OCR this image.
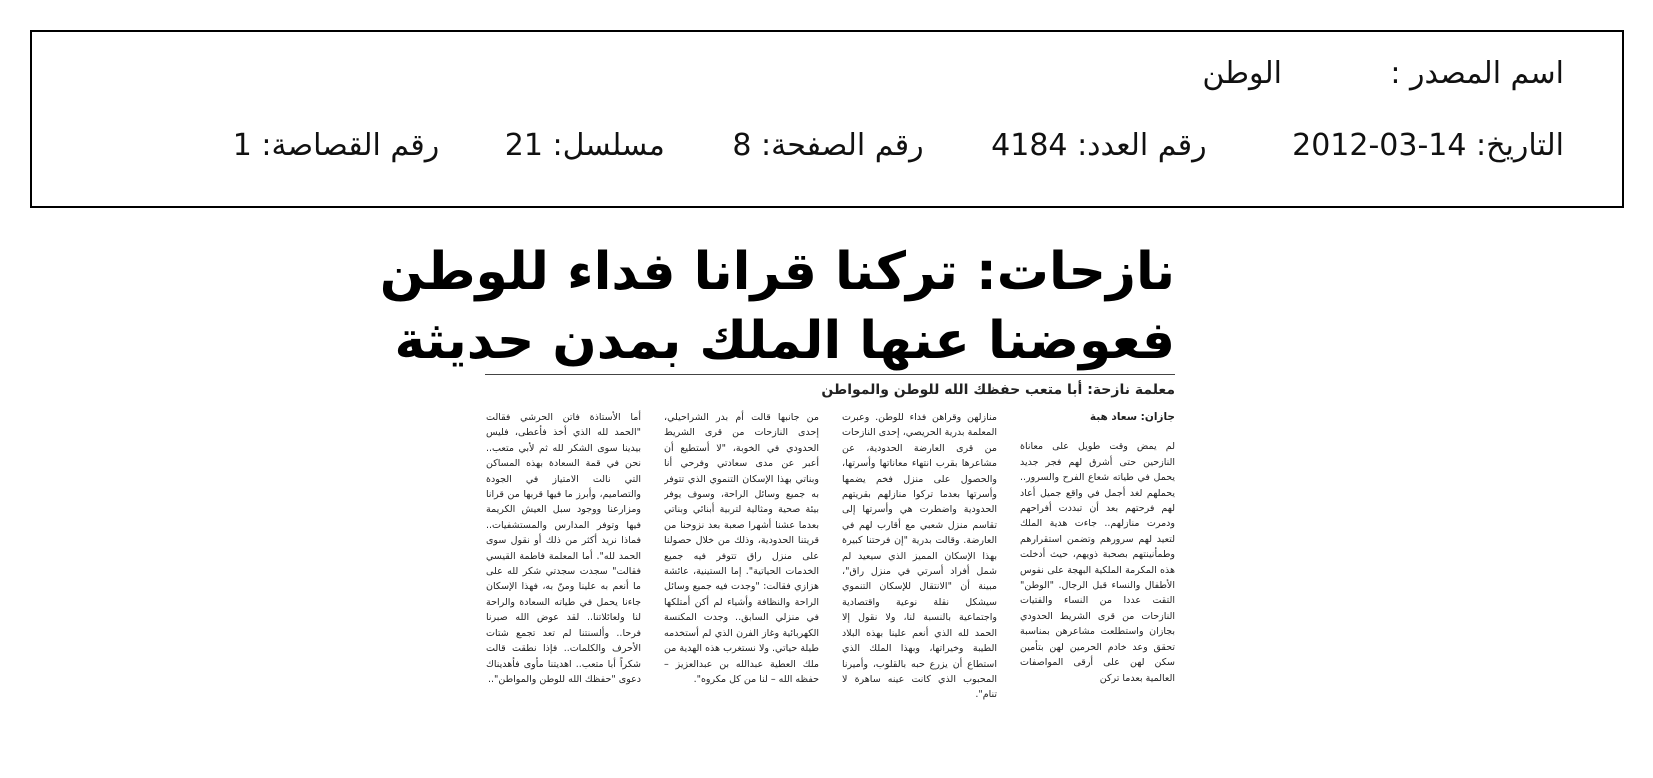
اسم المصدر :الوطن
التاريخ: 2012-03-14 رقم العدد: 4184 رقم الصفحة: 8 مسلسل: 21 رقم القصاصة: 1
نازحات: تركنا قرانا فداء للوطن
فعوضنا عنها الملك بمدن حديثة
معلمة نازحة: أبا متعب حفظك الله للوطن والمواطن
جازان: سعاد هبة
لم يمض وقت طويل على معاناة النازحين حتى أشرق لهم فجر جديد يحمل في طياته شعاع الفرح والسرور.. يحملهم لغد أجمل في واقع جميل أعاد لهم فرحتهم بعد أن تبددت أفراحهم ودمرت منازلهم.. جاءت هدية الملك لتعيد لهم سرورهم وتضمن استقرارهم وطمأنينتهم بصحبة ذويهم، حيث أدخلت هذه المكرمة الملكية البهجة على نفوس الأطفال والنساء قبل الرجال. "الوطن" التقت عددا من النساء والفتيات النازحات من قرى الشريط الحدودي بجازان واستطلعت مشاعرهن بمناسبة تحقق وعد خادم الحرمين لهن بتأمين سكن لهن على أرقى المواصفات العالمية بعدما تركن
منازلهن وقراهن فداء للوطن. وعبرت المعلمة بدرية الحريصي، إحدى النازحات من قرى العارضة الحدودية، عن مشاعرها بقرب انتهاء معاناتها وأسرتها، والحصول على منزل فخم يضمها وأسرتها بعدما تركوا منازلهم بقريتهم الحدودية واضطرت هي وأسرتها إلى تقاسم منزل شعبي مع أقارب لهم في العارضة. وقالت بدرية "إن فرحتنا كبيرة بهذا الإسكان المميز الذي سيعيد لم شمل أفراد أسرتي في منزل راق"، مبينة أن "الانتقال للإسكان التنموي سيشكل نقلة نوعية واقتصادية واجتماعية بالنسبة لنا، ولا نقول إلا الحمد لله الذي أنعم علينا بهذه البلاد الطيبة وخيراتها، وبهذا الملك الذي استطاع أن يزرع حبه بالقلوب، وأميرنا المحبوب الذي كانت عينه ساهرة لا تنام".
من جانبها قالت أم بدر الشراحيلي، إحدى النازحات من قرى الشريط الحدودي في الخوبة، "لا أستطيع أن أعبر عن مدى سعادتي وفرحي أنا وبناتي بهذا الإسكان التنموي الذي تتوفر به جميع وسائل الراحة، وسوف يوفر بيئة صحية ومثالية لتربية أبنائي وبناتي بعدما عشنا أشهرا صعبة بعد نزوحنا من قريتنا الحدودية، وذلك من خلال حصولنا على منزل راق تتوفر فيه جميع الخدمات الحياتية". إما الستينية، عائشة هزازي فقالت: "وجدت فيه جميع وسائل الراحة والنظافة وأشياء لم أكن أمتلكها في منزلي السابق.. وجدت المكنسة الكهربائية وغاز الفرن الذي لم أستخدمه طيلة حياتي. ولا نستغرب هذه الهدية من ملك العطية عبدالله بن عبدالعزيز – حفظه الله – لنا من كل مكروه".
أما الأستاذة فاتن الحرشي فقالت "الحمد لله الذي أخذ فأعطى، فليس بيدينا سوى الشكر لله ثم لأبي متعب.. نحن في قمة السعادة بهذه المساكن التي نالت الامتياز في الجودة والتصاميم، وأبرز ما فيها قربها من قرانا ومزارعنا ووجود سبل العيش الكريمة فيها وتوفر المدارس والمستشفيات.. فماذا نريد أكثر من ذلك أو نقول سوى الحمد لله". أما المعلمة فاطمة القيسي فقالت" سجدت سجدتي شكر لله على ما أنعم به علينا ومنّ به، فهذا الإسكان جاءنا يحمل في طياته السعادة والراحة لنا ولعائلاتنا.. لقد عوض الله صبرنا فرحا.. وألسنتنا لم تعد تجمع شتات الأحرف والكلمات.. فإذا نطقت قالت شكراً أبا متعب.. اهديتنا مأوى فأهديناك دعوى "حفظك الله للوطن والمواطن"..
